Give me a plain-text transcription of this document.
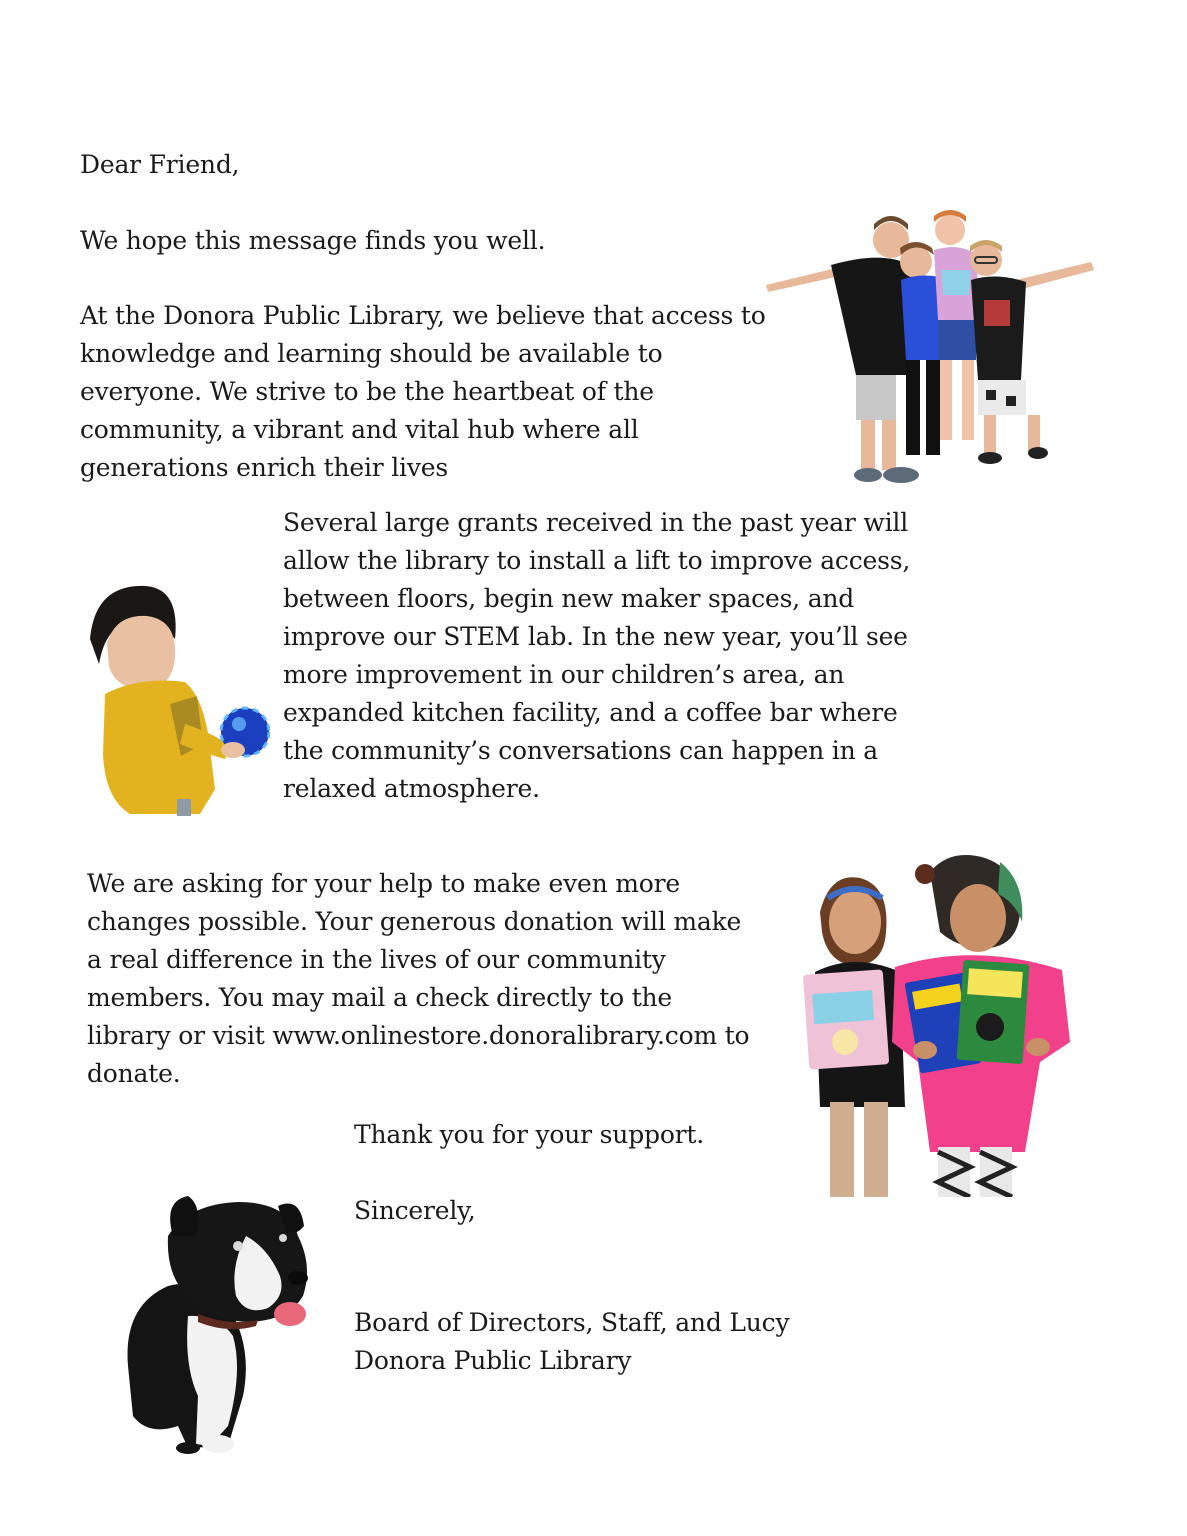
Dear Friend,
We hope this message finds you well.
At the Donora Public Library, we believe that access to knowledge and learning should be available to everyone. We strive to be the heartbeat of the community, a vibrant and vital hub where all generations enrich their lives
Several large grants received in the past year will allow the library to install a lift to improve access, between floors, begin new maker spaces, and improve our STEM lab. In the new year, you’ll see more improvement in our children’s area, an expanded kitchen facility, and a coffee bar where the community’s conversations can happen in a relaxed atmosphere.
We are asking for your help to make even more changes possible. Your generous donation will make a real difference in the lives of our community members. You may mail a check directly to the library or visit www.onlinestore.donoralibrary.com to donate.
Thank you for your support.
Sincerely,
Board of Directors, Staff, and Lucy
Donora Public Library
